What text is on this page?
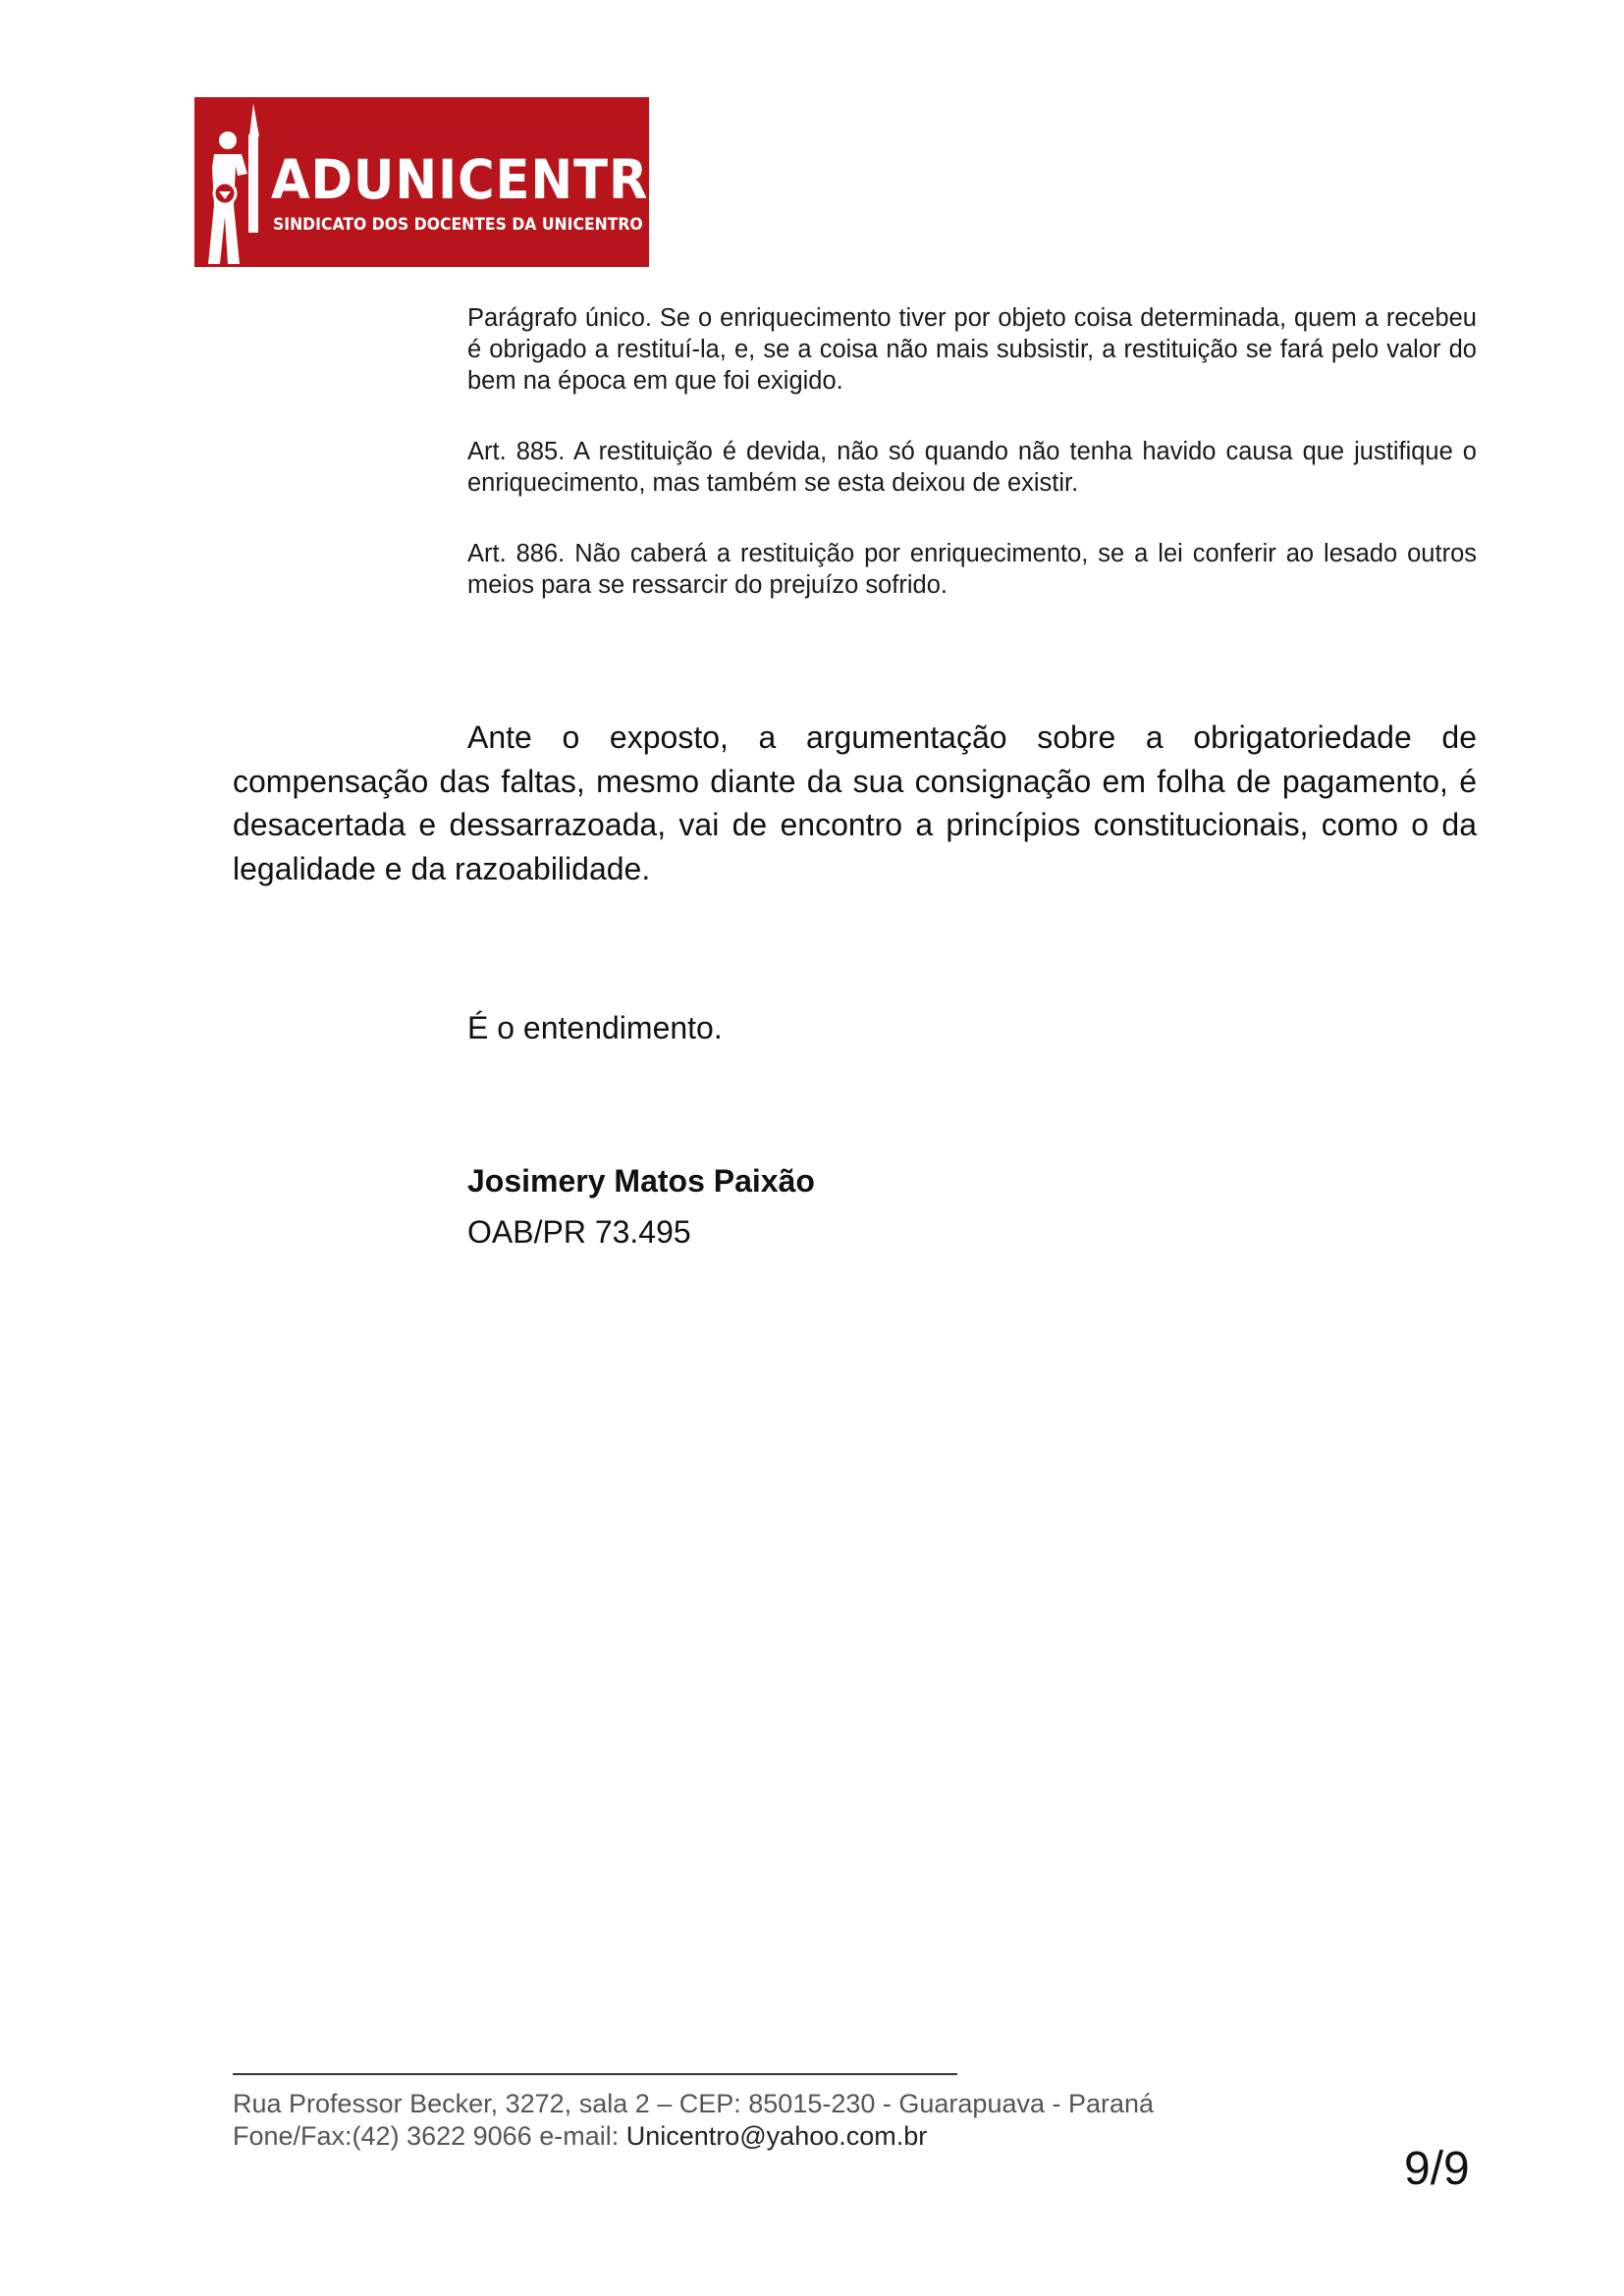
ADUNICENTRO
SINDICATO DOS DOCENTES DA UNICENTRO
Parágrafo único. Se o enriquecimento tiver por objeto coisa determinada, quem a recebeu é obrigado a restituí-la, e, se a coisa não mais subsistir, a restituição se fará pelo valor do bem na época em que foi exigido.
Art. 885. A restituição é devida, não só quando não tenha havido causa que justifique o enriquecimento, mas também se esta deixou de existir.
Art. 886. Não caberá a restituição por enriquecimento, se a lei conferir ao lesado outros meios para se ressarcir do prejuízo sofrido.
Ante o exposto, a argumentação sobre a obrigatoriedade de compensação das faltas, mesmo diante da sua consignação em folha de pagamento, é desacertada e dessarrazoada, vai de encontro a princípios constitucionais, como o da legalidade e da razoabilidade.
É o entendimento.
Josimery Matos Paixão
OAB/PR 73.495
Rua Professor Becker, 3272, sala 2 – CEP: 85015-230 - Guarapuava - Paraná
Fone/Fax:(42) 3622 9066 e-mail: Unicentro@yahoo.com.br
9/9
